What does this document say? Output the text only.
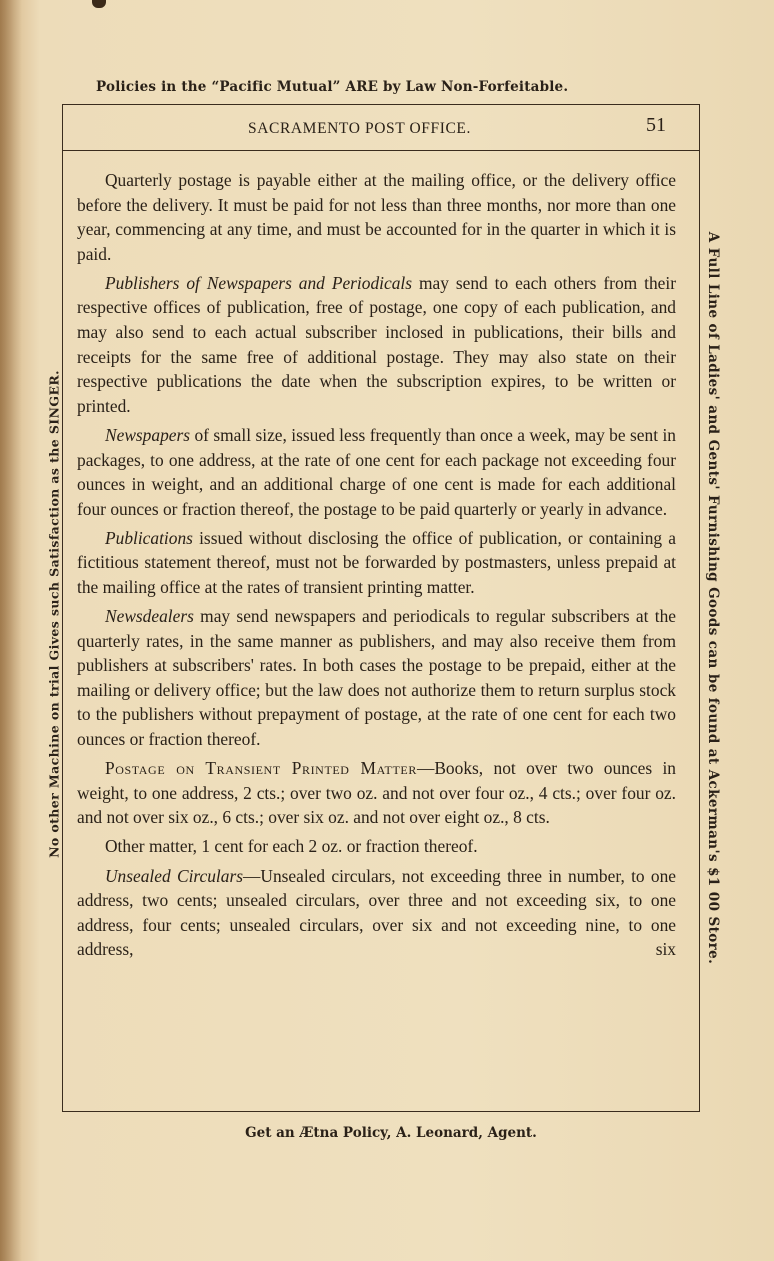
Policies in the “Pacific Mutual” ARE by Law Non-Forfeitable.
No other Machine on trial Gives such Satisfaction as the SINGER.	A Full Line of Ladies' and Gents' Furnishing Goods can be found at Ackerman's $1 00 Store.
SACRAMENTO POST OFFICE.	51

Quarterly postage is payable either at the mailing office, or the delivery office before the delivery. It must be paid for not less than three months, nor more than one year, commencing at any time, and must be accounted for in the quarter in which it is paid.

Publishers of Newspapers and Periodicals may send to each others from their respective offices of publication, free of postage, one copy of each publication, and may also send to each actual subscriber inclosed in publications, their bills and receipts for the same free of additional postage. They may also state on their respective publications the date when the subscription expires, to be written or printed.

Newspapers of small size, issued less frequently than once a week, may be sent in packages, to one address, at the rate of one cent for each package not exceeding four ounces in weight, and an additional charge of one cent is made for each additional four ounces or fraction thereof, the postage to be paid quarterly or yearly in advance.

Publications issued without disclosing the office of publication, or containing a fictitious statement thereof, must not be forwarded by postmasters, unless prepaid at the mailing office at the rates of transient printing matter.

Newsdealers may send newspapers and periodicals to regular subscribers at the quarterly rates, in the same manner as publishers, and may also receive them from publishers at subscribers' rates. In both cases the postage to be prepaid, either at the mailing or delivery office; but the law does not authorize them to return surplus stock to the publishers without prepayment of postage, at the rate of one cent for each two ounces or fraction thereof.

Postage on Transient Printed Matter—Books, not over two ounces in weight, to one address, 2 cts.; over two oz. and not over four oz., 4 cts.; over four oz. and not over six oz., 6 cts.; over six oz. and not over eight oz., 8 cts.

Other matter, 1 cent for each 2 oz. or fraction thereof.

Unsealed Circulars—Unsealed circulars, not exceeding three in number, to one address, two cents; unsealed circulars, over three and not exceeding six, to one address, four cents; unsealed circulars, over six and not exceeding nine, to one address, six

Get an Ætna Policy, A. Leonard, Agent.
